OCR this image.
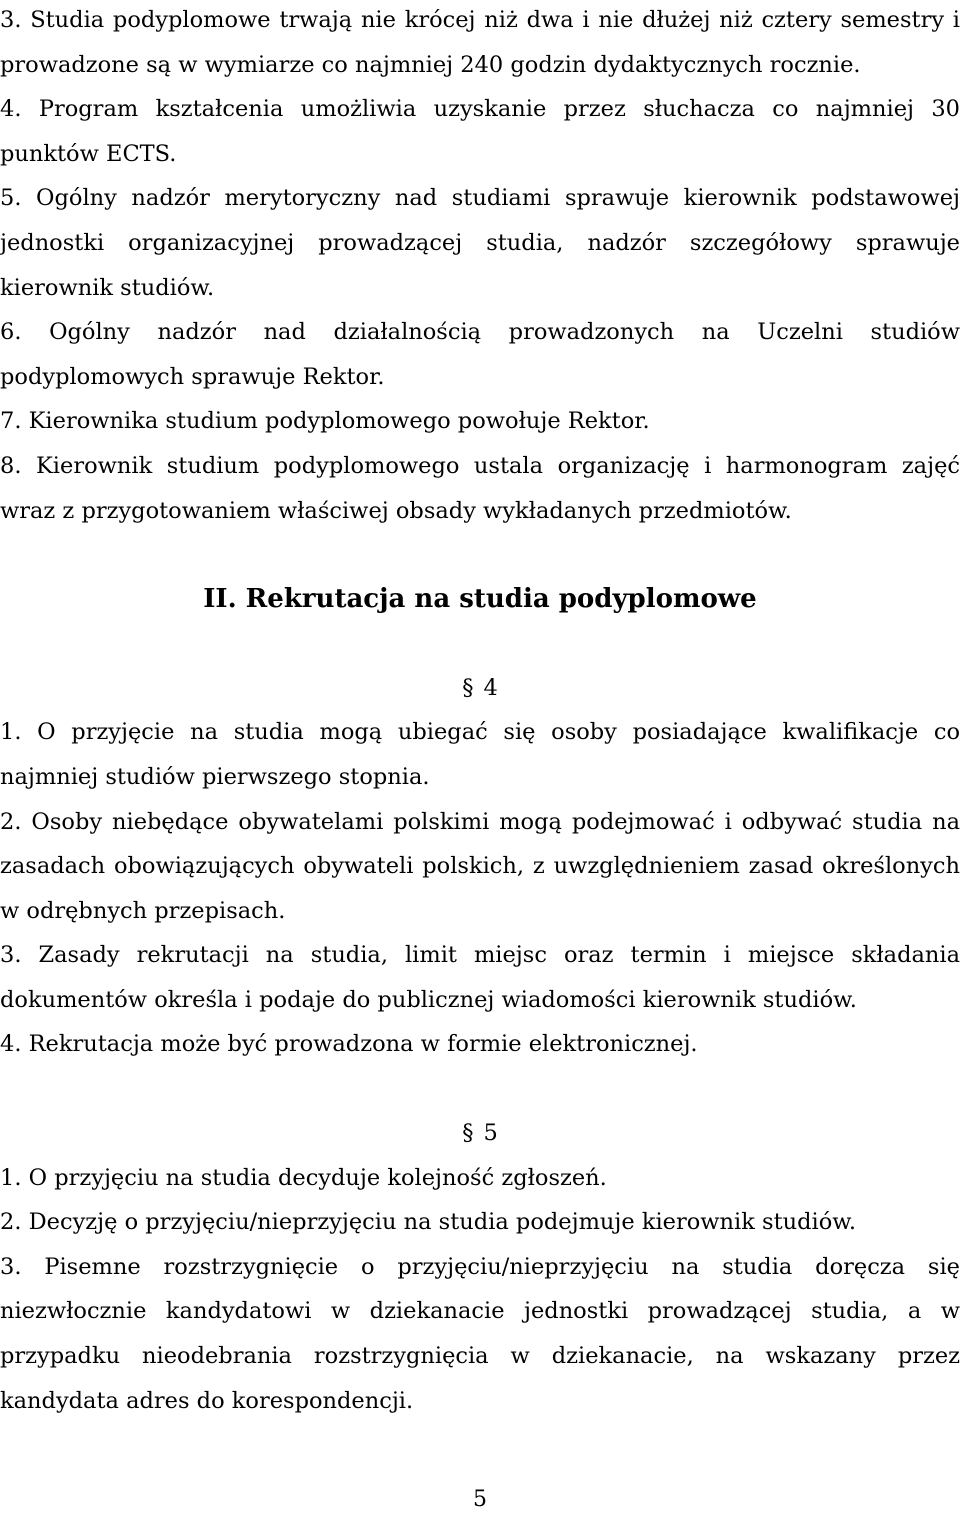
3. Studia podyplomowe trwają nie krócej niż dwa i nie dłużej niż cztery semestry i prowadzone są w wymiarze co najmniej 240 godzin dydaktycznych rocznie.

4. Program kształcenia umożliwia uzyskanie przez słuchacza co najmniej 30 punktów ECTS.

5. Ogólny nadzór merytoryczny nad studiami sprawuje kierownik podstawowej jednostki organizacyjnej prowadzącej studia, nadzór szczegółowy sprawuje kierownik studiów.

6. Ogólny nadzór nad działalnością prowadzonych na Uczelni studiów podyplomowych sprawuje Rektor.

7. Kierownika studium podyplomowego powołuje Rektor.

8. Kierownik studium podyplomowego ustala organizację i harmonogram zajęć wraz z przygotowaniem właściwej obsady wykładanych przedmiotów.

II. Rekrutacja na studia podyplomowe
§ 4

1. O przyjęcie na studia mogą ubiegać się osoby posiadające kwalifikacje co najmniej studiów pierwszego stopnia.

2. Osoby niebędące obywatelami polskimi mogą podejmować i odbywać studia na zasadach obowiązujących obywateli polskich, z uwzględnieniem zasad określonych w odrębnych przepisach.

3. Zasady rekrutacji na studia, limit miejsc oraz termin i miejsce składania dokumentów określa i podaje do publicznej wiadomości kierownik studiów.

4. Rekrutacja może być prowadzona w formie elektronicznej.

§ 5

1. O przyjęciu na studia decyduje kolejność zgłoszeń.

2. Decyzję o przyjęciu/nieprzyjęciu na studia podejmuje kierownik studiów.

3. Pisemne rozstrzygnięcie o przyjęciu/nieprzyjęciu na studia doręcza się niezwłocznie kandydatowi w dziekanacie jednostki prowadzącej studia, a w przypadku nieodebrania rozstrzygnięcia w dziekanacie, na wskazany przez kandydata adres do korespondencji.

5
